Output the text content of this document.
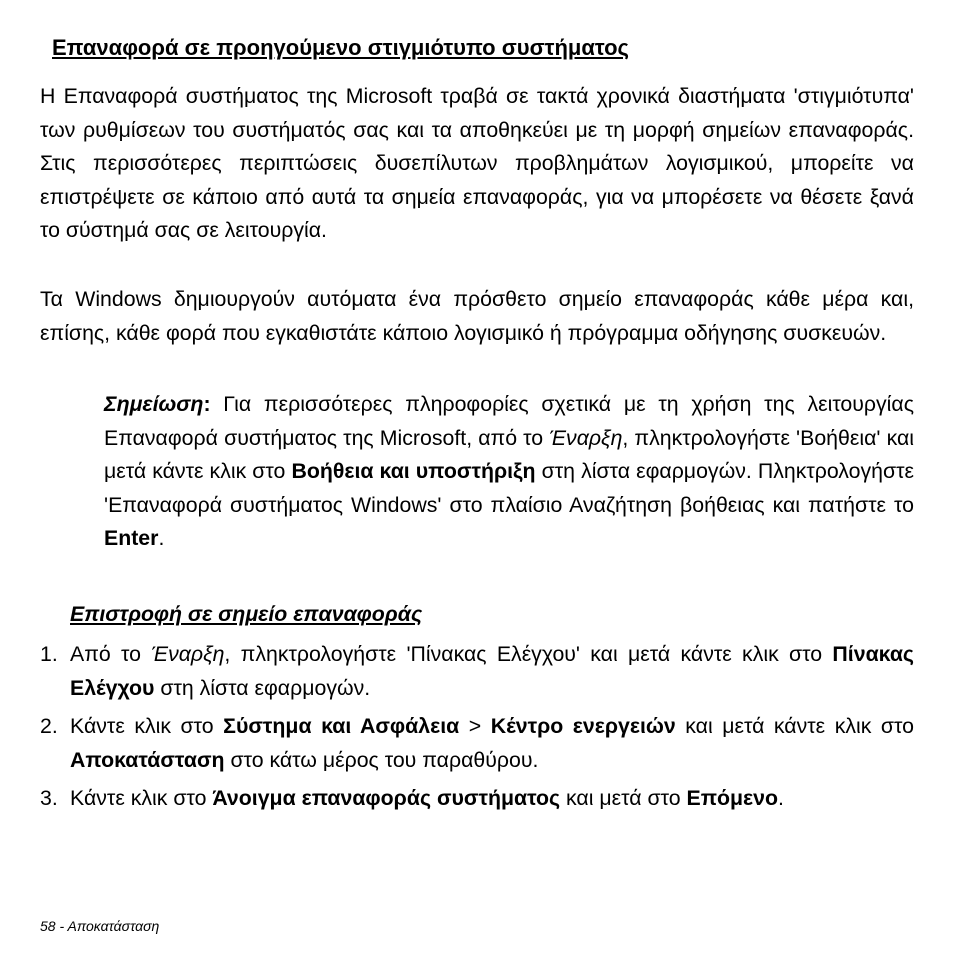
Επαναφορά σε προηγούμενο στιγμιότυπο συστήματος

Η Επαναφορά συστήματος της Microsoft τραβά σε τακτά χρονικά διαστήματα 'στιγμιότυπα' των ρυθμίσεων του συστήματός σας και τα αποθηκεύει με τη μορφή σημείων επαναφοράς. Στις περισσότερες περιπτώσεις δυσεπίλυτων προβλημάτων λογισμικού, μπορείτε να επιστρέψετε σε κάποιο από αυτά τα σημεία επαναφοράς, για να μπορέσετε να θέσετε ξανά το σύστημά σας σε λειτουργία.

Τα Windows δημιουργούν αυτόματα ένα πρόσθετο σημείο επαναφοράς κάθε μέρα και, επίσης, κάθε φορά που εγκαθιστάτε κάποιο λογισμικό ή πρόγραμμα οδήγησης συσκευών.

Σημείωση: Για περισσότερες πληροφορίες σχετικά με τη χρήση της λειτουργίας Επαναφορά συστήματος της Microsoft, από το Έναρξη, πληκτρολογήστε 'Βοήθεια' και μετά κάντε κλικ στο Βοήθεια και υποστήριξη στη λίστα εφαρμογών. Πληκτρολογήστε 'Επαναφορά συστήματος Windows' στο πλαίσιο Αναζήτηση βοήθειας και πατήστε το Enter.

Επιστροφή σε σημείο επαναφοράς
1. Από το Έναρξη, πληκτρολογήστε 'Πίνακας Ελέγχου' και μετά κάντε κλικ στο Πίνακας Ελέγχου στη λίστα εφαρμογών.
2. Κάντε κλικ στο Σύστημα και Ασφάλεια > Κέντρο ενεργειών και μετά κάντε κλικ στο Αποκατάσταση στο κάτω μέρος του παραθύρου.
3. Κάντε κλικ στο Άνοιγμα επαναφοράς συστήματος και μετά στο Επόμενο.
58 - Αποκατάσταση
